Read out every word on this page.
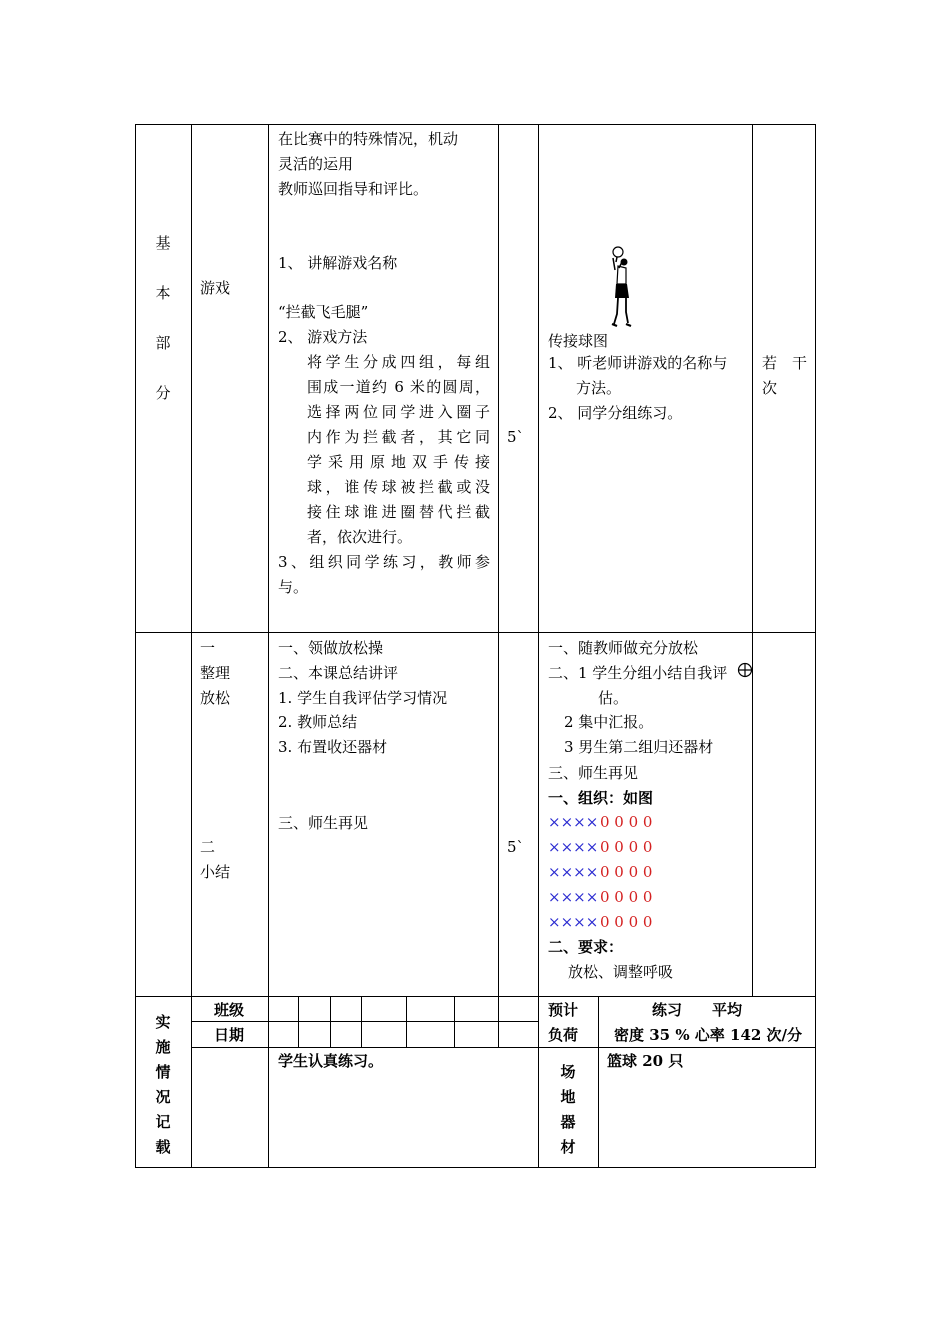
基
本
部
分
游戏
在比赛中的特殊情况，机动
灵活的运用
教师巡回指导和评比。
1、 讲解游戏名称
“拦截飞毛腿”
2、 游戏方法
将学生分成四组，每组
围成一道约 6 米的圆周，
选择两位同学进入圈子
内作为拦截者，其它同
学采用原地双手传接
球，谁传球被拦截或没
接住球谁进圈替代拦截
者，依次进行。
3、组织同学练习，教师参
与。
5`
传接球图
1、 听老师讲游戏的名称与
方法。
2、 同学分组练习。
若　干
次
一
整理
放松
二
小结
一、领做放松操
二、本课总结讲评
1. 学生自我评估学习情况
2. 教师总结
3. 布置收还器材
三、师生再见
5`
一、随教师做充分放松
二、1 学生分组小结自我评
估。
2 集中汇报。
3 男生第二组归还器材
三、师生再见
一、组织：如图
×××× 0 0 0 0
×××× 0 0 0 0
×××× 0 0 0 0
×××× 0 0 0 0
×××× 0 0 0 0
二、要求：
放松、调整呼吸
实
施
情
况
记
载
班级
日期
预计
负荷
练习　　平均
密度 35 % 心率 142 次/分
学生认真练习。
场
地
器
材
篮球 20 只
